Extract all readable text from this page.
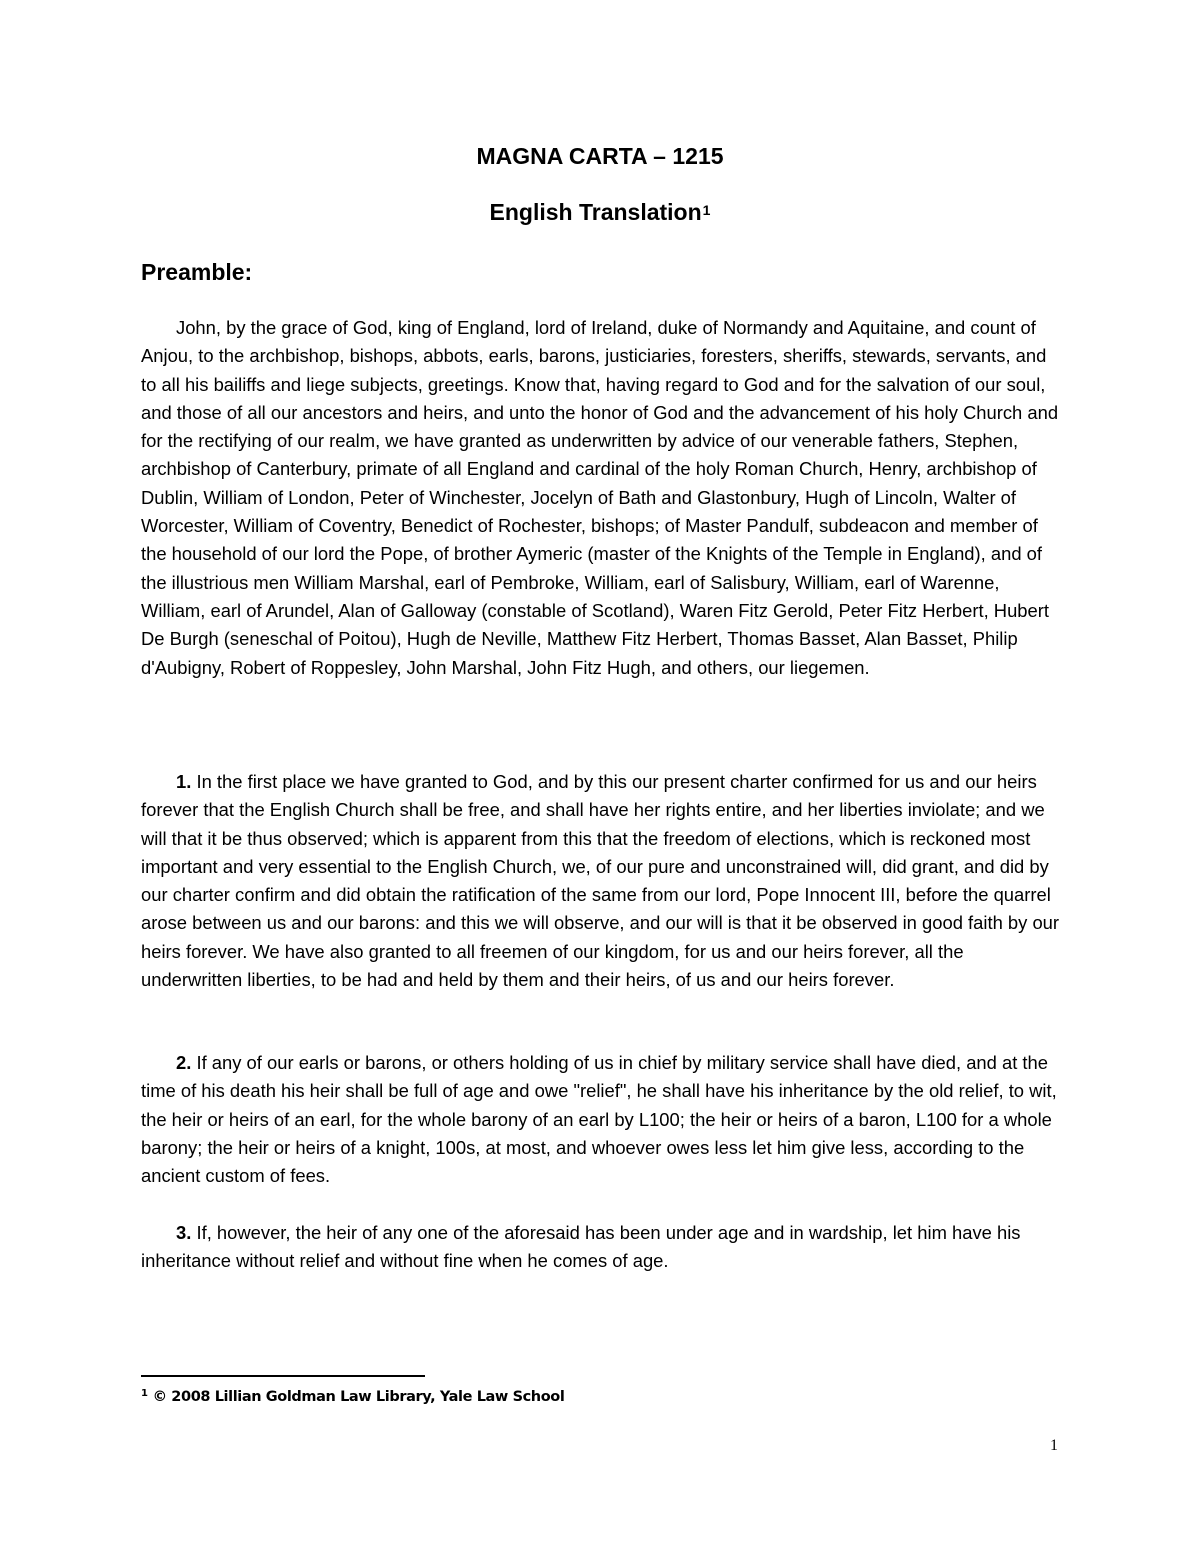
MAGNA CARTA – 1215
English Translation$^1$
Preamble:

John, by the grace of God, king of England, lord of Ireland, duke of Normandy and Aquitaine, and count of Anjou, to the archbishop, bishops, abbots, earls, barons, justiciaries, foresters, sheriffs, stewards, servants, and to all his bailiffs and liege subjects, greetings. Know that, having regard to God and for the salvation of our soul, and those of all our ancestors and heirs, and unto the honor of God and the advancement of his holy Church and for the rectifying of our realm, we have granted as underwritten by advice of our venerable fathers, Stephen, archbishop of Canterbury, primate of all England and cardinal of the holy Roman Church, Henry, archbishop of Dublin, William of London, Peter of Winchester, Jocelyn of Bath and Glastonbury, Hugh of Lincoln, Walter of Worcester, William of Coventry, Benedict of Rochester, bishops; of Master Pandulf, subdeacon and member of the household of our lord the Pope, of brother Aymeric (master of the Knights of the Temple in England), and of the illustrious men William Marshal, earl of Pembroke, William, earl of Salisbury, William, earl of Warenne, William, earl of Arundel, Alan of Galloway (constable of Scotland), Waren Fitz Gerold, Peter Fitz Herbert, Hubert De Burgh (seneschal of Poitou), Hugh de Neville, Matthew Fitz Herbert, Thomas Basset, Alan Basset, Philip d'Aubigny, Robert of Roppesley, John Marshal, John Fitz Hugh, and others, our liegemen.

1. In the first place we have granted to God, and by this our present charter confirmed for us and our heirs forever that the English Church shall be free, and shall have her rights entire, and her liberties inviolate; and we will that it be thus observed; which is apparent from this that the freedom of elections, which is reckoned most important and very essential to the English Church, we, of our pure and unconstrained will, did grant, and did by our charter confirm and did obtain the ratification of the same from our lord, Pope Innocent III, before the quarrel arose between us and our barons: and this we will observe, and our will is that it be observed in good faith by our heirs forever. We have also granted to all freemen of our kingdom, for us and our heirs forever, all the underwritten liberties, to be had and held by them and their heirs, of us and our heirs forever.

2. If any of our earls or barons, or others holding of us in chief by military service shall have died, and at the time of his death his heir shall be full of age and owe "relief", he shall have his inheritance by the old relief, to wit, the heir or heirs of an earl, for the whole barony of an earl by L100; the heir or heirs of a baron, L100 for a whole barony; the heir or heirs of a knight, 100s, at most, and whoever owes less let him give less, according to the ancient custom of fees.

3. If, however, the heir of any one of the aforesaid has been under age and in wardship, let him have his inheritance without relief and without fine when he comes of age.

$^1$ © 2008 Lillian Goldman Law Library, Yale Law School
1
